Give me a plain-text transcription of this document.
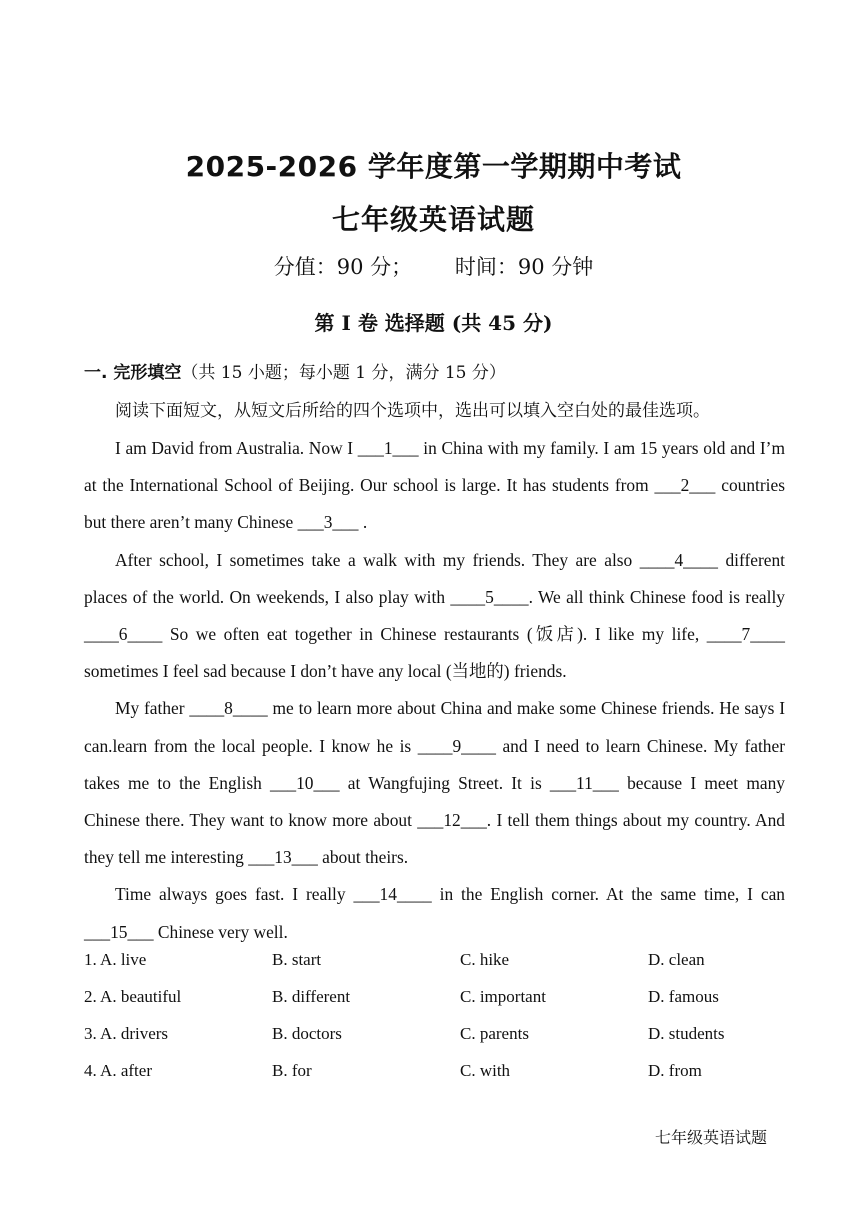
2025-2026 学年度第一学期期中考试
七年级英语试题
分值：90 分； 时间：90 分钟
第 I 卷 选择题 (共 45 分)
一. 完形填空（共 15 小题；每小题 1 分，满分 15 分）
阅读下面短文，从短文后所给的四个选项中，选出可以填入空白处的最佳选项。

I am David from Australia. Now I ___1___ in China with my family. I am 15 years old and I’m at the International School of Beijing. Our school is large. It has students from ___2___ countries but there aren’t many Chinese ___3___ .

After school, I sometimes take a walk with my friends. They are also ____4____ different places of the world. On weekends, I also play with ____5____. We all think Chinese food is really ____6____ So we often eat together in Chinese restaurants (饭店). I like my life, ____7____ sometimes I feel sad because I don’t have any local (当地的) friends.

My father ____8____ me to learn more about China and make some Chinese friends. He says I can.learn from the local people. I know he is ____9____ and I need to learn Chinese. My father takes me to the English ___10___ at Wangfujing Street. It is ___11___ because I meet many Chinese there. They want to know more about ___12___. I tell them things about my country. And they tell me interesting ___13___ about theirs.

Time always goes fast. I really ___14____ in the English corner. At the same time, I can ___15___ Chinese very well.

1. A. live	B. start	C. hike	D. clean
2. A. beautiful	B. different	C. important	D. famous
3. A. drivers	B. doctors	C. parents	D. students
4. A. after	B. for	C. with	D. from
七年级英语试题
